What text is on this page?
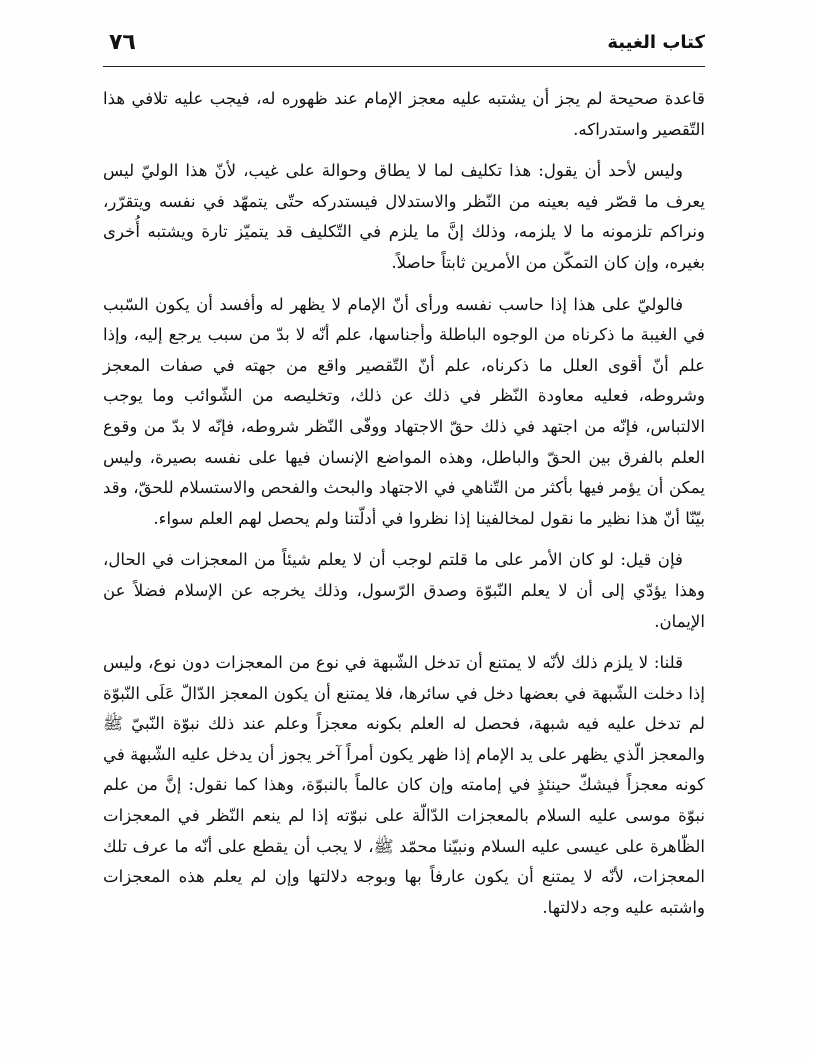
كتاب الغيبة
٧٦

قاعدة صحيحة لم يجز أن يشتبه عليه معجز الإمام عند ظهوره له، فيجب عليه تلافي هذا التّقصير واستدراكه.

وليس لأحد أن يقول: هذا تكليف لما لا يطاق وحوالة على غيب، لأنّ هذا الوليّ ليس يعرف ما قصّر فيه بعينه من النّظر والاستدلال فيستدركه حتّى يتمهّد في نفسه ويتقرّر، ونراكم تلزمونه ما لا يلزمه، وذلك إنَّ ما يلزم في التّكليف قد يتميّز تارة ويشتبه أُخرى بغيره، وإن كان التمكّن من الأمرين ثابتاً حاصلاً.

فالوليّ على هذا إذا حاسب نفسه ورأى أنّ الإمام لا يظهر له وأفسد أن يكون السّبب في الغيبة ما ذكرناه من الوجوه الباطلة وأجناسها، علم أنّه لا بدّ من سبب يرجع إليه، وإذا علم أنّ أقوى العلل ما ذكرناه، علم أنّ التّقصير واقع من جهته في صفات المعجز وشروطه، فعليه معاودة النّظر في ذلك عن ذلك، وتخليصه من الشّوائب وما يوجب الالتباس، فإنّه من اجتهد في ذلك حقّ الاجتهاد ووفّى النّظر شروطه، فإنّه لا بدّ من وقوع العلم بالفرق بين الحقّ والباطل، وهذه المواضع الإنسان فيها على نفسه بصيرة، وليس يمكن أن يؤمر فيها بأكثر من التّناهي في الاجتهاد والبحث والفحص والاستسلام للحقّ، وقد بيّنّا أنّ هذا نظير ما نقول لمخالفينا إذا نظروا في أدلّتنا ولم يحصل لهم العلم سواء.

فإن قيل: لو كان الأمر على ما قلتم لوجب أن لا يعلم شيئاً من المعجزات في الحال، وهذا يؤدّي إلى أن لا يعلم النّبوّة وصدق الرّسول، وذلك يخرجه عن الإسلام فضلاً عن الإيمان.

قلنا: لا يلزم ذلك لأنّه لا يمتنع أن تدخل الشّبهة في نوع من المعجزات دون نوع، وليس إذا دخلت الشّبهة في بعضها دخل في سائرها، فلا يمتنع أن يكون المعجز الدّالّ عَلَى النّبوّة لم تدخل عليه فيه شبهة، فحصل له العلم بكونه معجزاً وعلم عند ذلك نبوّة النّبيّ ﷺ والمعجز الّذي يظهر على يد الإمام إذا ظهر يكون أمراً آخر يجوز أن يدخل عليه الشّبهة في كونه معجزاً فيشكّ حينئذٍ في إمامته وإن كان عالماً بالنبوّة، وهذا كما نقول: إنَّ من علم نبوّة موسى عليه السلام بالمعجزات الدّالّة على نبوّته إذا لم ينعم النّظر في المعجزات الظّاهرة على عيسى عليه السلام ونبيّنا محمّد ﷺ، لا يجب أن يقطع على أنّه ما عرف تلك المعجزات، لأنّه لا يمتنع أن يكون عارفاً بها وبوجه دلالتها وإن لم يعلم هذه المعجزات واشتبه عليه وجه دلالتها.
